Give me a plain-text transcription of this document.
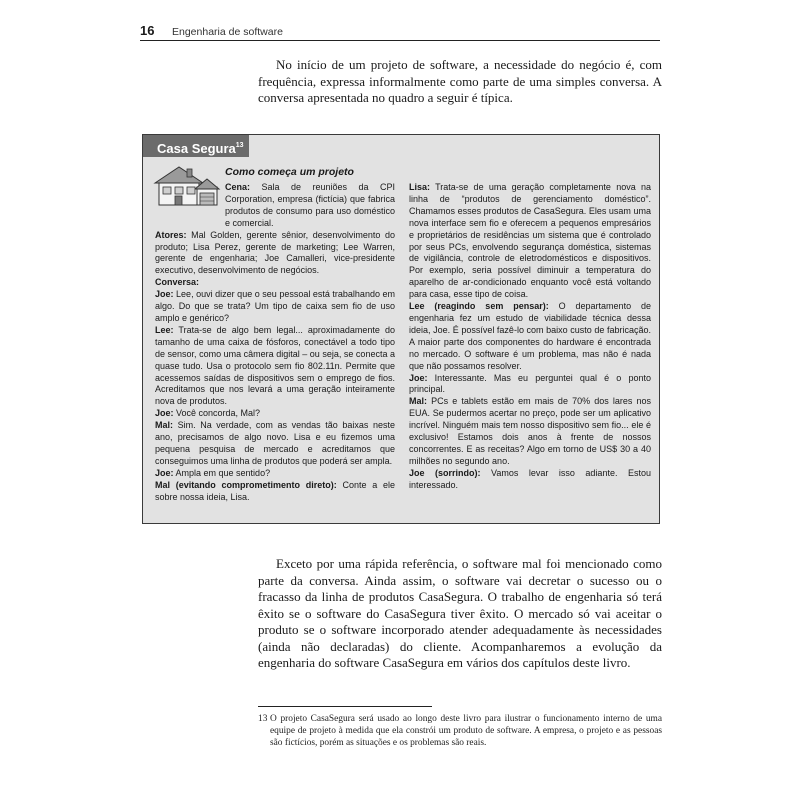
16 Engenharia de software

No início de um projeto de software, a necessidade do negócio é, com frequência, expressa informalmente como parte de uma simples conversa. A conversa apresentada no quadro a seguir é típica.

Casa Segura$^{13}$
Como começa um projeto

Cena: Sala de reuniões da CPI Corporation, empresa (fictícia) que fabrica produtos de consumo para uso doméstico e comercial.

Atores: Mal Golden, gerente sênior, desenvolvimento do produto; Lisa Perez, gerente de marketing; Lee Warren, gerente de engenharia; Joe Camalleri, vice-presidente executivo, desenvolvimento de negócios.

Conversa:

Joe: Lee, ouvi dizer que o seu pessoal está trabalhando em algo. Do que se trata? Um tipo de caixa sem fio de uso amplo e genérico?

Lee: Trata-se de algo bem legal... aproximadamente do tamanho de uma caixa de fósforos, conectável a todo tipo de sensor, como uma câmera digital – ou seja, se conecta a quase tudo. Usa o protocolo sem fio 802.11n. Permite que acessemos saídas de dispositivos sem o emprego de fios. Acreditamos que nos levará a uma geração inteiramente nova de produtos.

Joe: Você concorda, Mal?

Mal: Sim. Na verdade, com as vendas tão baixas neste ano, precisamos de algo novo. Lisa e eu fizemos uma pequena pesquisa de mercado e acreditamos que conseguimos uma linha de produtos que poderá ser ampla.

Joe: Ampla em que sentido?

Mal (evitando comprometimento direto): Conte a ele sobre nossa ideia, Lisa.

Lisa: Trata-se de uma geração completamente nova na linha de “produtos de gerenciamento doméstico”. Chamamos esses produtos de CasaSegura. Eles usam uma nova interface sem fio e oferecem a pequenos empresários e proprietários de residências um sistema que é controlado por seus PCs, envolvendo segurança doméstica, sistemas de vigilância, controle de eletrodomésticos e dispositivos. Por exemplo, seria possível diminuir a temperatura do aparelho de ar-condicionado enquanto você está voltando para casa, esse tipo de coisa.

Lee (reagindo sem pensar): O departamento de engenharia fez um estudo de viabilidade técnica dessa ideia, Joe. É possível fazê-lo com baixo custo de fabricação. A maior parte dos componentes do hardware é encontrada no mercado. O software é um problema, mas não é nada que não possamos resolver.

Joe: Interessante. Mas eu perguntei qual é o ponto principal.

Mal: PCs e tablets estão em mais de 70% dos lares nos EUA. Se pudermos acertar no preço, pode ser um aplicativo incrível. Ninguém mais tem nosso dispositivo sem fio... ele é exclusivo! Estamos dois anos à frente de nossos concorrentes. E as receitas? Algo em torno de US$ 30 a 40 milhões no segundo ano.

Joe (sorrindo): Vamos levar isso adiante. Estou interessado.

Exceto por uma rápida referência, o software mal foi mencionado como parte da conversa. Ainda assim, o software vai decretar o sucesso ou o fracasso da linha de produtos CasaSegura. O trabalho de engenharia só terá êxito se o software do CasaSegura tiver êxito. O mercado só vai aceitar o produto se o software incorporado atender adequadamente às necessidades (ainda não declaradas) do cliente. Acompanharemos a evolução da engenharia do software CasaSegura em vários dos capítulos deste livro.

13 O projeto CasaSegura será usado ao longo deste livro para ilustrar o funcionamento interno de uma equipe de projeto à medida que ela constrói um produto de software. A empresa, o projeto e as pessoas são fictícios, porém as situações e os problemas são reais.
